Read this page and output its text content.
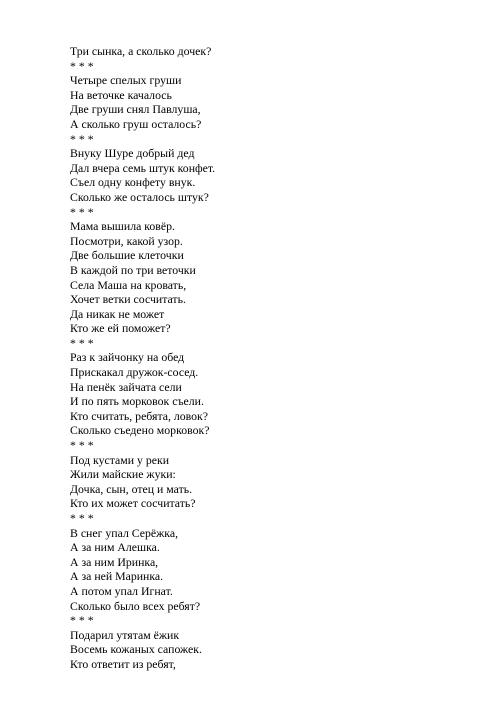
Три сынка, а сколько дочек?
* * *
Четыре спелых груши
На веточке качалось
Две груши снял Павлуша,
А сколько груш осталось?
* * *
Внуку Шуре добрый дед
Дал вчера семь штук конфет.
Съел одну конфету внук.
Сколько же осталось штук?
* * *
Мама вышила ковёр.
Посмотри, какой узор.
Две большие клеточки
В каждой по три веточки
Села Маша на кровать,
Хочет ветки сосчитать.
Да никак не может
Кто же ей поможет?
* * *
Раз к зайчонку на обед
Прискакал дружок-сосед.
На пенёк зайчата сели
И по пять морковок съели.
Кто считать, ребята, ловок?
Сколько съедено морковок?
* * *
Под кустами у реки
Жили майские жуки:
Дочка, сын, отец и мать.
Кто их может сосчитать?
* * *
В снег упал Серёжка,
А за ним Алешка.
А за ним Иринка,
А за ней Маринка.
А потом упал Игнат.
Сколько было всех ребят?
* * *
Подарил утятам ёжик
Восемь кожаных сапожек.
Кто ответит из ребят,
